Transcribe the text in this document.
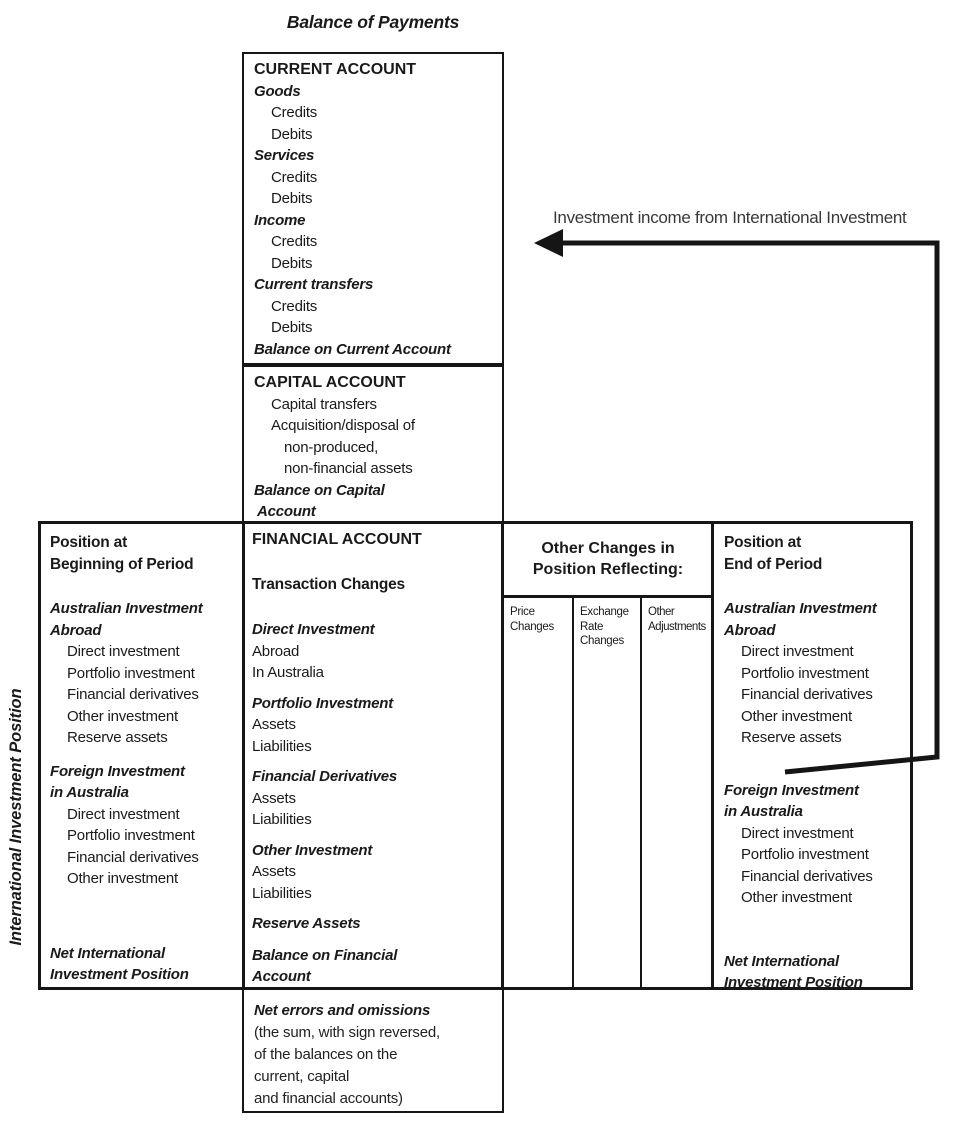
Balance of Payments
CURRENT ACCOUNT
Goods
Credits
Debits
Services
Credits
Debits
Income
Credits
Debits
Current transfers
Credits
Debits
Balance on Current Account
CAPITAL ACCOUNT
Capital transfers
Acquisition/disposal of
non-produced,
non-financial assets
Balance on Capital
Account
International Investment Position
Position at
Beginning of Period
Australian Investment
Abroad
Direct investment
Portfolio investment
Financial derivatives
Other investment
Reserve assets
Foreign Investment
in Australia
Direct investment
Portfolio investment
Financial derivatives
Other investment
Net International
Investment Position
FINANCIAL ACCOUNT
Transaction Changes
Direct Investment
Abroad
In Australia
Portfolio Investment
Assets
Liabilities
Financial Derivatives
Assets
Liabilities
Other Investment
Assets
Liabilities
Reserve Assets
Balance on Financial
Account
Other Changes in
Position Reflecting:
Price Changes
Exchange Rate Changes
Other Adjustments
Position at
End of Period
Australian Investment
Abroad
Direct investment
Portfolio investment
Financial derivatives
Other investment
Reserve assets
Foreign Investment
in Australia
Direct investment
Portfolio investment
Financial derivatives
Other investment
Net International
Investment Position
Net errors and omissions
(the sum, with sign reversed,
of the balances on the
current, capital
and financial accounts)
Investment income from International Investment
